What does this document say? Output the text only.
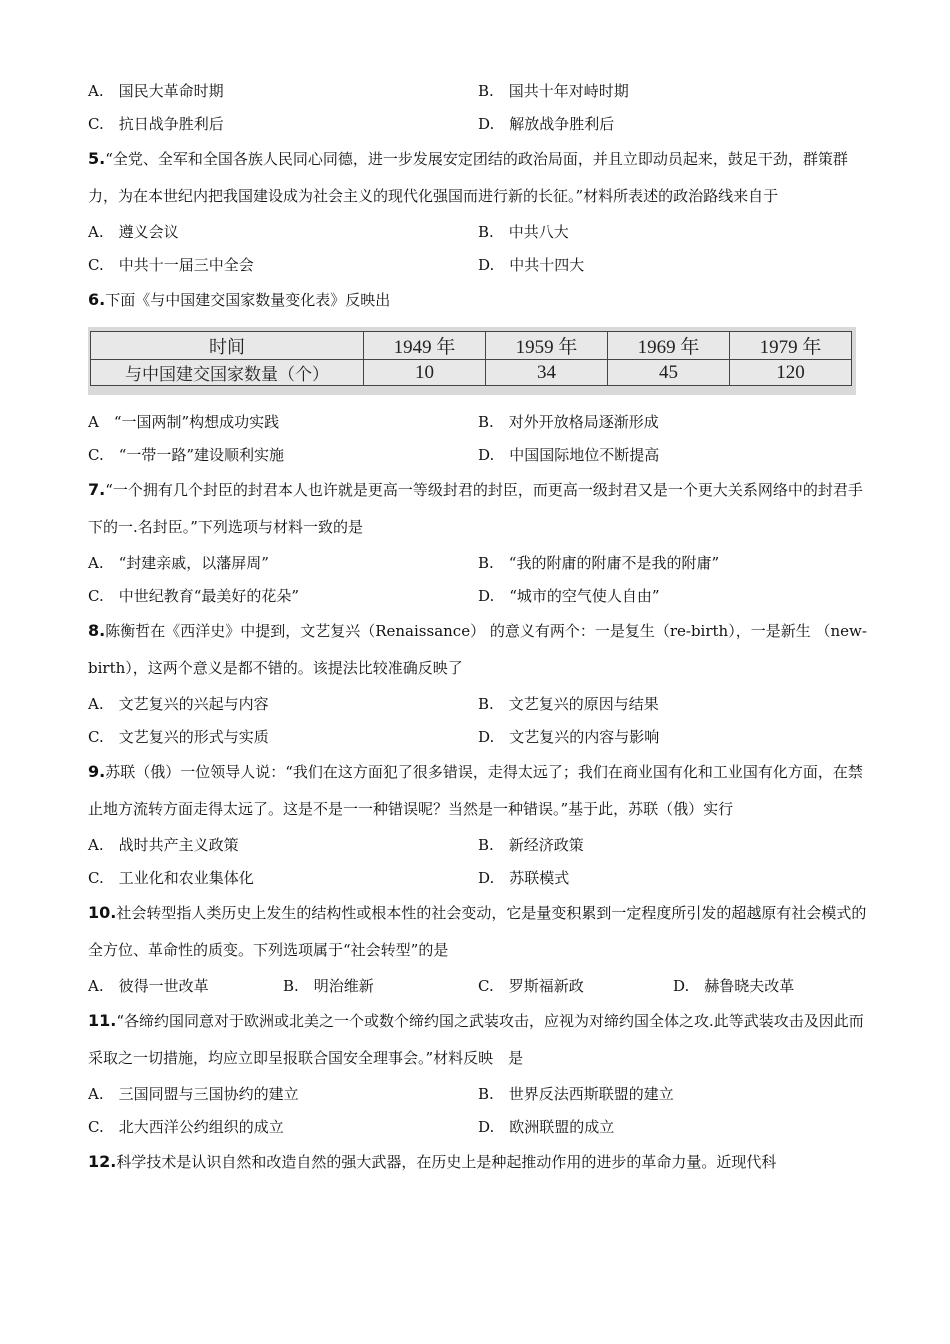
A.　国民大革命时期	B.　国共十年对峙时期
C.　抗日战争胜利后	D.　解放战争胜利后
5.“全党、全军和全国各族人民同心同德，进一步发展安定团结的政治局面，并且立即动员起来，鼓足干劲，群策群力，为在本世纪内把我国建设成为社会主义的现代化强国而进行新的长征。”材料所表述的政治路线来自于
A.　遵义会议	B.　中共八大
C.　中共十一届三中全会	D.　中共十四大
6.下面《与中国建交国家数量变化表》反映出
时间	1949 年	1959 年	1969 年	1979 年
与中国建交国家数量（个）	10	34	45	120
A　“一国两制”构想成功实践	B.　对外开放格局逐渐形成
C.　“一带一路”建设顺利实施	D.　中国国际地位不断提高
7.“一个拥有几个封臣的封君本人也许就是更高一等级封君的封臣，而更高一级封君又是一个更大关系网络中的封君手下的一.名封臣。”下列选项与材料一致的是
A.　“封建亲戚，以藩屏周”	B.　“我的附庸的附庸不是我的附庸”
C.　中世纪教育“最美好的花朵”	D.　“城市的空气使人自由”
8.陈衡哲在《西洋史》中提到，文艺复兴（Renaissance） 的意义有两个：一是复生（re-birth），一是新生 （new-birth），这两个意义是都不错的。该提法比较准确反映了
A.　文艺复兴的兴起与内容	B.　文艺复兴的原因与结果
C.　文艺复兴的形式与实质	D.　文艺复兴的内容与影响
9.苏联（俄）一位领导人说：“我们在这方面犯了很多错误，走得太远了；我们在商业国有化和工业国有化方面，在禁止地方流转方面走得太远了。这是不是一一种错误呢？当然是一种错误。”基于此，苏联（俄）实行
A.　战时共产主义政策	B.　新经济政策
C.　工业化和农业集体化	D.　苏联模式
10.社会转型指人类历史上发生的结构性或根本性的社会变动，它是量变积累到一定程度所引发的超越原有社会模式的全方位、革命性的质变。下列选项属于“社会转型”的是
A.　彼得一世改革	B.　明治维新	C.　罗斯福新政	D.　赫鲁晓夫改革
11.“各缔约国同意对于欧洲或北美之一个或数个缔约国之武装攻击，应视为对缔约国全体之攻.此等武装攻击及因此而采取之一切措施，均应立即呈报联合国安全理事会。”材料反映　是
A.　三国同盟与三国协约的建立	B.　世界反法西斯联盟的建立
C.　北大西洋公约组织的成立	D.　欧洲联盟的成立
12.科学技术是认识自然和改造自然的强大武器，在历史上是种起推动作用的进步的革命力量。近现代科
